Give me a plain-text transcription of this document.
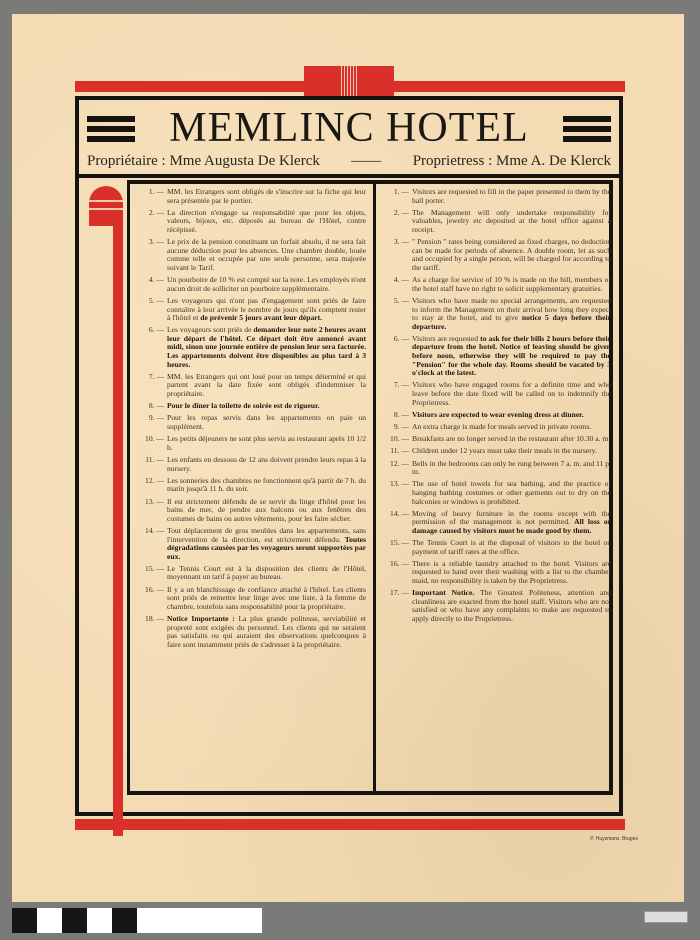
MEMLINC HOTEL
Propriétaire : Mme Augusta De Klerck —— Proprietress : Mme A. De Klerck
1. — MM. les Etrangers sont obligés de s'inscrire sur la fiche qui leur sera présentée par le portier.
2. — La direction n'engage sa responsabilité que pour les objets, valeurs, bijoux, etc. déposés au bureau de l'Hôtel, contre récépissé.
3. — Le prix de la pension constituant un forfait absolu, il ne sera fait aucune déduction pour les absences. Une chambre double, louée comme telle et occupée par une seule personne, sera majorée suivant le Tarif.
4. — Un pourboire de 10 % est compté sur la note. Les employés n'ont aucun droit de solliciter un pourboire supplémentaire.
5. — Les voyageurs qui n'ont pas d'engagement sont priés de faire connaître à leur arrivée le nombre de jours qu'ils comptent rester à l'hôtel et de prévenir 5 jours avant leur départ.
6. — Les voyageurs sont priés de demander leur note 2 heures avant leur départ de l'hôtel. Ce départ doit être annoncé avant midi, sinon une journée entière de pension leur sera facturée. Les appartements doivent être disponibles au plus tard à 3 heures.
7. — MM. les Etrangers qui ont loué pour un temps déterminé et qui partent avant la date fixée sont obligés d'indemniser la propriétaire.
8. — Pour le dîner la toilette de soirée est de rigueur.
9. — Pour les repas servis dans les appartements on paie un supplément.
10. — Les petits déjeuners ne sont plus servis au restaurant après 10 1/2 h.
11. — Les enfants en dessous de 12 ans doivent prendre leurs repas à la nursery.
12. — Les sonneries des chambres ne fonctionnent qu'à partir de 7 h. du matin jusqu'à 11 h. du soir.
13. — Il est strictement défendu de se servir du linge d'hôtel pour les bains de mer, de pendre aux balcons ou aux fenêtres des costumes de bains ou autres vêtements, pour les faire sécher.
14. — Tout déplacement de gros meubles dans les appartements, sans l'intervention de la direction, est strictement défendu. Toutes dégradations causées par les voyageurs seront supportées par eux.
15. — Le Tennis Court est à la disposition des clients de l'Hôtel, moyennant un tarif à payer au bureau.
16. — Il y a un blanchissage de confiance attaché à l'hôtel. Les clients sont priés de remettre leur linge avec une liste, à la femme de chambre, toutefois sans responsabilité pour la propriétaire.
18. — Notice Importante : La plus grande politesse, serviabilité et propreté sont exigées du personnel. Les clients qui ne seraient pas satisfaits ou qui auraient des observations quelconques à faire sont instamment priés de s'adresser à la propriétaire.
1. — Visitors are requested to fill in the paper presented to them by the hall porter.
2. — The Management will only undertake responsibility for valuables, jewelry etc deposited at the hotel office against a receipt.
3. — " Pension " rates being considered as fixed charges, no deduction can be made for periods of absence. A double room, let as such and occupied by a single person, will be charged for according to the tariff.
4. — As a charge for service of 10 % is made on the bill, members of the hotel staff have no right to solicit supplementary gratuities.
5. — Visitors who have made no special arrangements, are requested to inform the Management on their arrival how long they expect to stay at the hotel, and to give notice 5 days before their departure.
6. — Visitors are requested to ask for their bills 2 hours before their departure from the hotel. Notice of leaving should be given before noon, otherwise they will be required to pay the "Pension" for the whole day. Rooms should be vacated by 3 o'clock at the latest.
7. — Visitors who have engaged rooms for a definite time and who leave before the date fixed will be called on to indemnify the Proprietress.
8. — Visitors are expected to wear evening dress at dinner.
9. — An extra charge is made for meals served in private rooms.
10. — Breakfasts are no longer served in the restaurant after 10.30 a. m.
11. — Children under 12 years must take their meals in the nursery.
12. — Bells in the bedrooms can only be rung between 7 a. m. and 11 p. m.
13. — The use of hotel towels for sea bathing, and the practice of hanging bathing costumes or other garments out to dry on the balconies or windows is prohibited.
14. — Moving of heavy furniture in the rooms except with the permission of the management is not permitted. All loss or damage caused by visitors must be made good by them.
15. — The Tennis Court is at the disposal of visitors to the hotel on payment of tariff rates at the office.
16. — There is a reliable laundry attached to the hotel. Visitors are requested to hand over their washing with a list to the chamber maid, no responsibility is taken by the Proprietress.
17. — Important Notice. The Greatest Politeness, attention and cleanliness are exacted from the hotel staff. Visitors who are not satisfied or who have any complaints to make are requested to apply directly to the Proprietress.
P. Huysmans, Bruges
